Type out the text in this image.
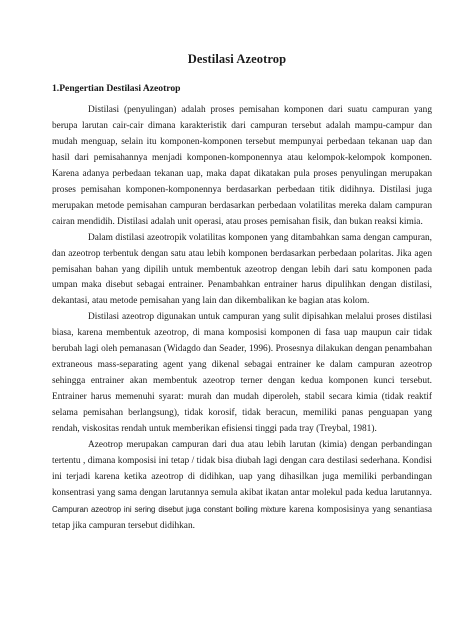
Destilasi Azeotrop
1.Pengertian Destilasi Azeotrop

Distilasi (penyulingan) adalah proses pemisahan komponen dari suatu campuran yang berupa larutan cair-cair dimana karakteristik dari campuran tersebut adalah mampu-campur dan mudah menguap, selain itu komponen-komponen tersebut mempunyai perbedaan tekanan uap dan hasil dari pemisahannya menjadi komponen-komponennya atau kelompok-kelompok komponen. Karena adanya perbedaan tekanan uap, maka dapat dikatakan pula proses penyulingan merupakan proses pemisahan komponen-komponennya berdasarkan perbedaan titik didihnya. Distilasi juga merupakan metode pemisahan campuran berdasarkan perbedaan volatilitas mereka dalam campuran cairan mendidih. Distilasi adalah unit operasi, atau proses pemisahan fisik, dan bukan reaksi kimia.

Dalam distilasi azeotropik volatilitas komponen yang ditambahkan sama dengan campuran, dan azeotrop terbentuk dengan satu atau lebih komponen berdasarkan perbedaan polaritas. Jika agen pemisahan bahan yang dipilih untuk membentuk azeotrop dengan lebih dari satu komponen pada umpan maka disebut sebagai entrainer. Penambahkan entrainer harus dipulihkan dengan distilasi, dekantasi, atau metode pemisahan yang lain dan dikembalikan ke bagian atas kolom.

Distilasi azeotrop digunakan untuk campuran yang sulit dipisahkan melalui proses distilasi biasa, karena membentuk azeotrop, di mana komposisi komponen di fasa uap maupun cair tidak berubah lagi oleh pemanasan (Widagdo dan Seader, 1996). Prosesnya dilakukan dengan penambahan extraneous mass-separating agent yang dikenal sebagai entrainer ke dalam campuran azeotrop sehingga entrainer akan membentuk azeotrop terner dengan kedua komponen kunci tersebut. Entrainer harus memenuhi syarat: murah dan mudah diperoleh, stabil secara kimia (tidak reaktif selama pemisahan berlangsung), tidak korosif, tidak beracun, memiliki panas penguapan yang rendah, viskositas rendah untuk memberikan efisiensi tinggi pada tray (Treybal, 1981).

Azeotrop merupakan campuran dari dua atau lebih larutan (kimia) dengan perbandingan tertentu , dimana komposisi ini tetap / tidak bisa diubah lagi dengan cara destilasi sederhana. Kondisi ini terjadi karena ketika azeotrop di didihkan, uap yang dihasilkan juga memiliki perbandingan konsentrasi yang sama dengan larutannya semula akibat ikatan antar molekul pada kedua larutannya. Campuran azeotrop ini sering disebut juga constant boiling mixture karena komposisinya yang senantiasa tetap jika campuran tersebut didihkan.
